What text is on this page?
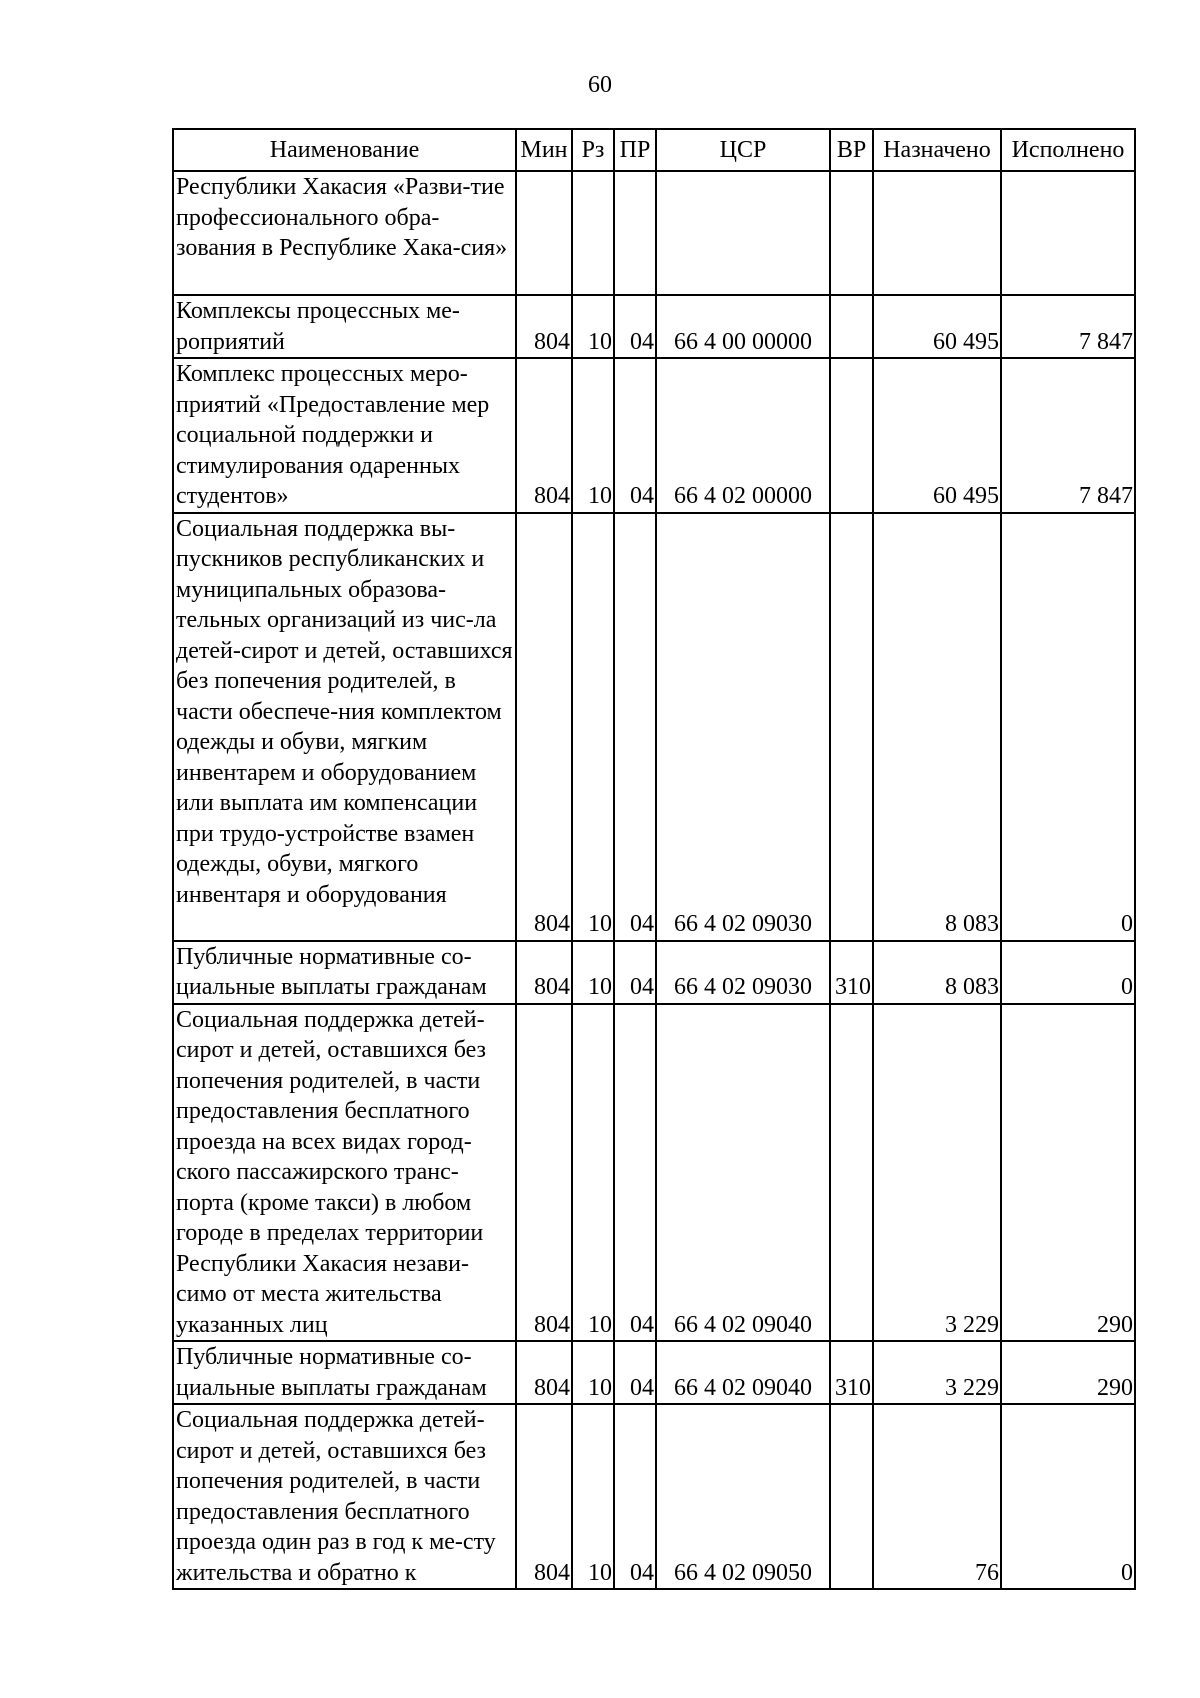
60
Наименование	Мин	Рз	ПР	ЦСР	ВР	Назначено	Исполнено
Республики Хакасия «Разви-тие профессионального обра-зования в Республике Хака-сия»							
Комплексы процессных ме-роприятий	804	10	04	66 4 00 00000		60 495	7 847
Комплекс процессных меро-приятий «Предоставление мер социальной поддержки и стимулирования одаренных студентов»	804	10	04	66 4 02 00000		60 495	7 847
Социальная поддержка вы-пускников республиканских и муниципальных образова-тельных организаций из чис-ла детей-сирот и детей, оставшихся без попечения родителей, в части обеспече-ния комплектом одежды и обуви, мягким инвентарем и оборудованием или выплата им компенсации при трудо-устройстве взамен одежды, обуви, мягкого инвентаря и оборудования	804	10	04	66 4 02 09030		8 083	0
Публичные нормативные со-циальные выплаты гражданам	804	10	04	66 4 02 09030	310	8 083	0
Социальная поддержка детей-сирот и детей, оставшихся без попечения родителей, в части предоставления бесплатного проезда на всех видах город-ского пассажирского транс-порта (кроме такси) в любом городе в пределах территории Республики Хакасия незави-симо от места жительства указанных лиц	804	10	04	66 4 02 09040		3 229	290
Публичные нормативные со-циальные выплаты гражданам	804	10	04	66 4 02 09040	310	3 229	290
Социальная поддержка детей-сирот и детей, оставшихся без попечения родителей, в части предоставления бесплатного проезда один раз в год к ме-сту жительства и обратно к	804	10	04	66 4 02 09050		76	0
